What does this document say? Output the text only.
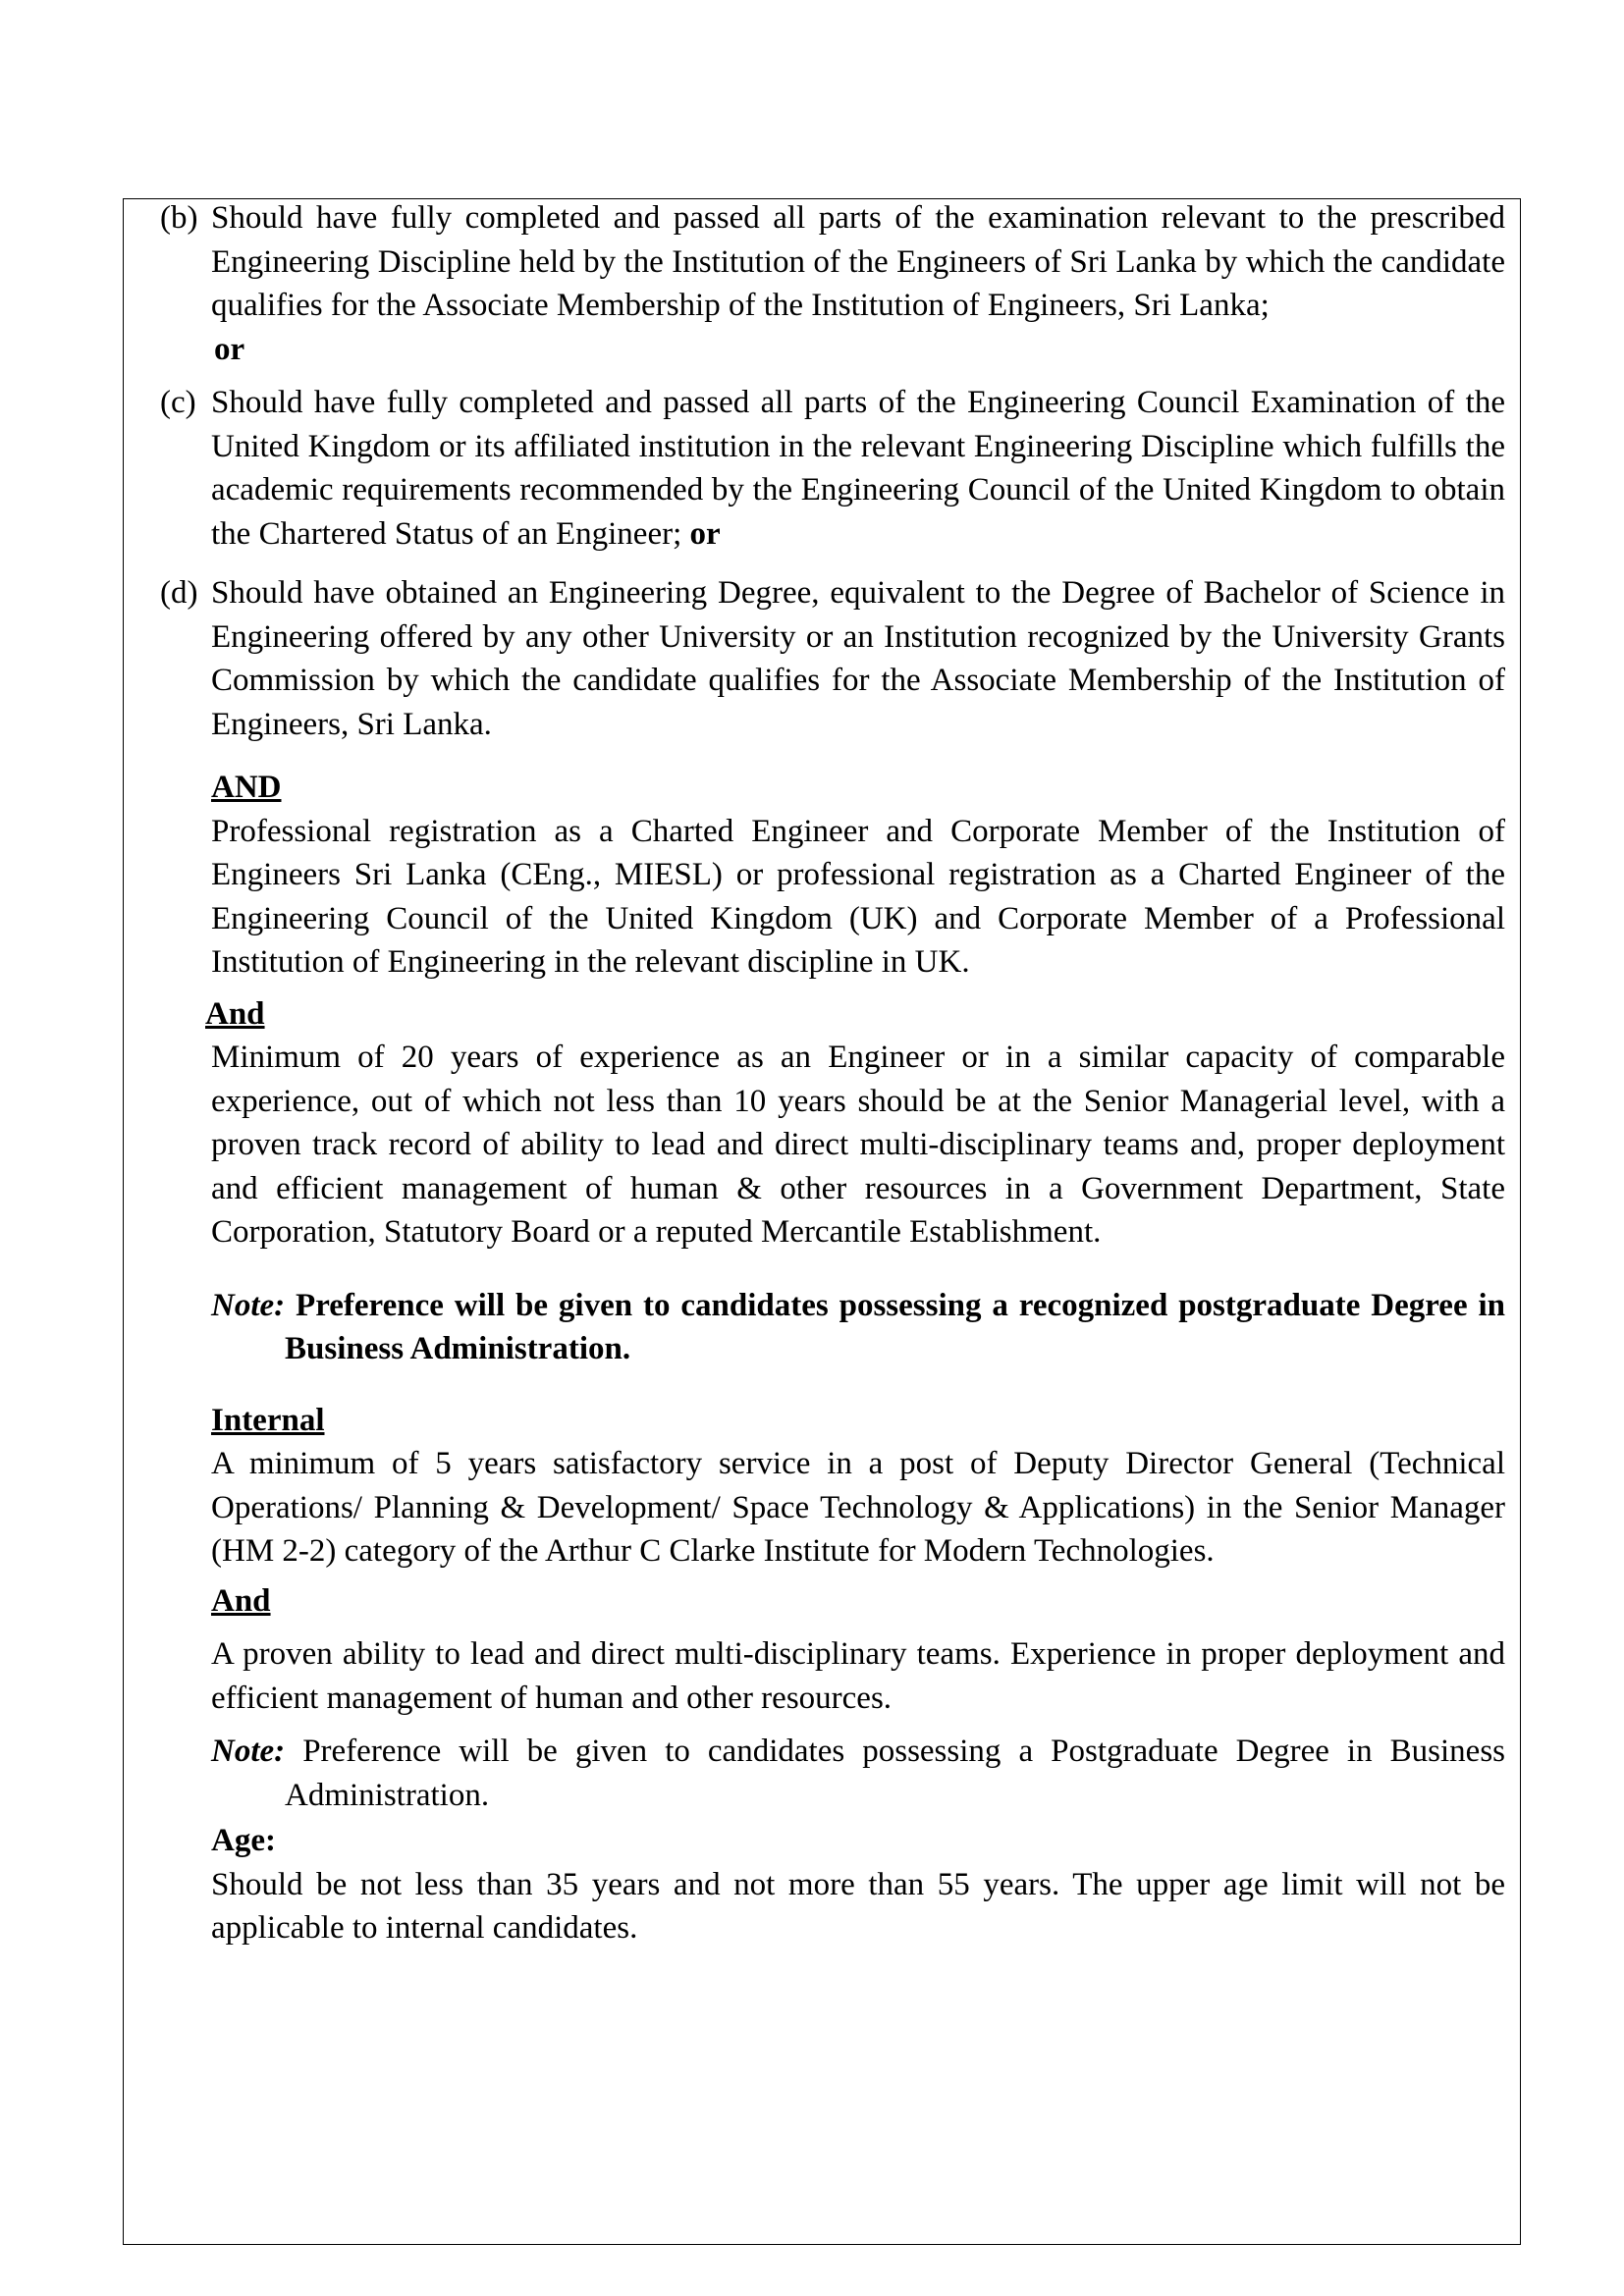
(b) Should have fully completed and passed all parts of the examination relevant to the prescribed Engineering Discipline held by the Institution of the Engineers of Sri Lanka by which the candidate qualifies for the Associate Membership of the Institution of Engineers, Sri Lanka;

or

(c) Should have fully completed and passed all parts of the Engineering Council Examination of the United Kingdom or its affiliated institution in the relevant Engineering Discipline which fulfills the academic requirements recommended by the Engineering Council of the United Kingdom to obtain the Chartered Status of an Engineer; or

(d) Should have obtained an Engineering Degree, equivalent to the Degree of Bachelor of Science in Engineering offered by any other University or an Institution recognized by the University Grants Commission by which the candidate qualifies for the Associate Membership of the Institution of Engineers, Sri Lanka.

AND

Professional registration as a Charted Engineer and Corporate Member of the Institution of Engineers Sri Lanka (CEng., MIESL) or professional registration as a Charted Engineer of the Engineering Council of the United Kingdom (UK) and Corporate Member of a Professional Institution of Engineering in the relevant discipline in UK.

And

Minimum of 20 years of experience as an Engineer or in a similar capacity of comparable experience, out of which not less than 10 years should be at the Senior Managerial level, with a proven track record of ability to lead and direct multi-disciplinary teams and, proper deployment and efficient management of human & other resources in a Government Department, State Corporation, Statutory Board or a reputed Mercantile Establishment.

Note: Preference will be given to candidates possessing a recognized postgraduate Degree in Business Administration.

Internal

A minimum of 5 years satisfactory service in a post of Deputy Director General (Technical Operations/ Planning & Development/ Space Technology & Applications) in the Senior Manager (HM 2-2) category of the Arthur C Clarke Institute for Modern Technologies.

And

A proven ability to lead and direct multi-disciplinary teams. Experience in proper deployment and efficient management of human and other resources.

Note: Preference will be given to candidates possessing a Postgraduate Degree in Business Administration.

Age:

Should be not less than 35 years and not more than 55 years. The upper age limit will not be applicable to internal candidates.
